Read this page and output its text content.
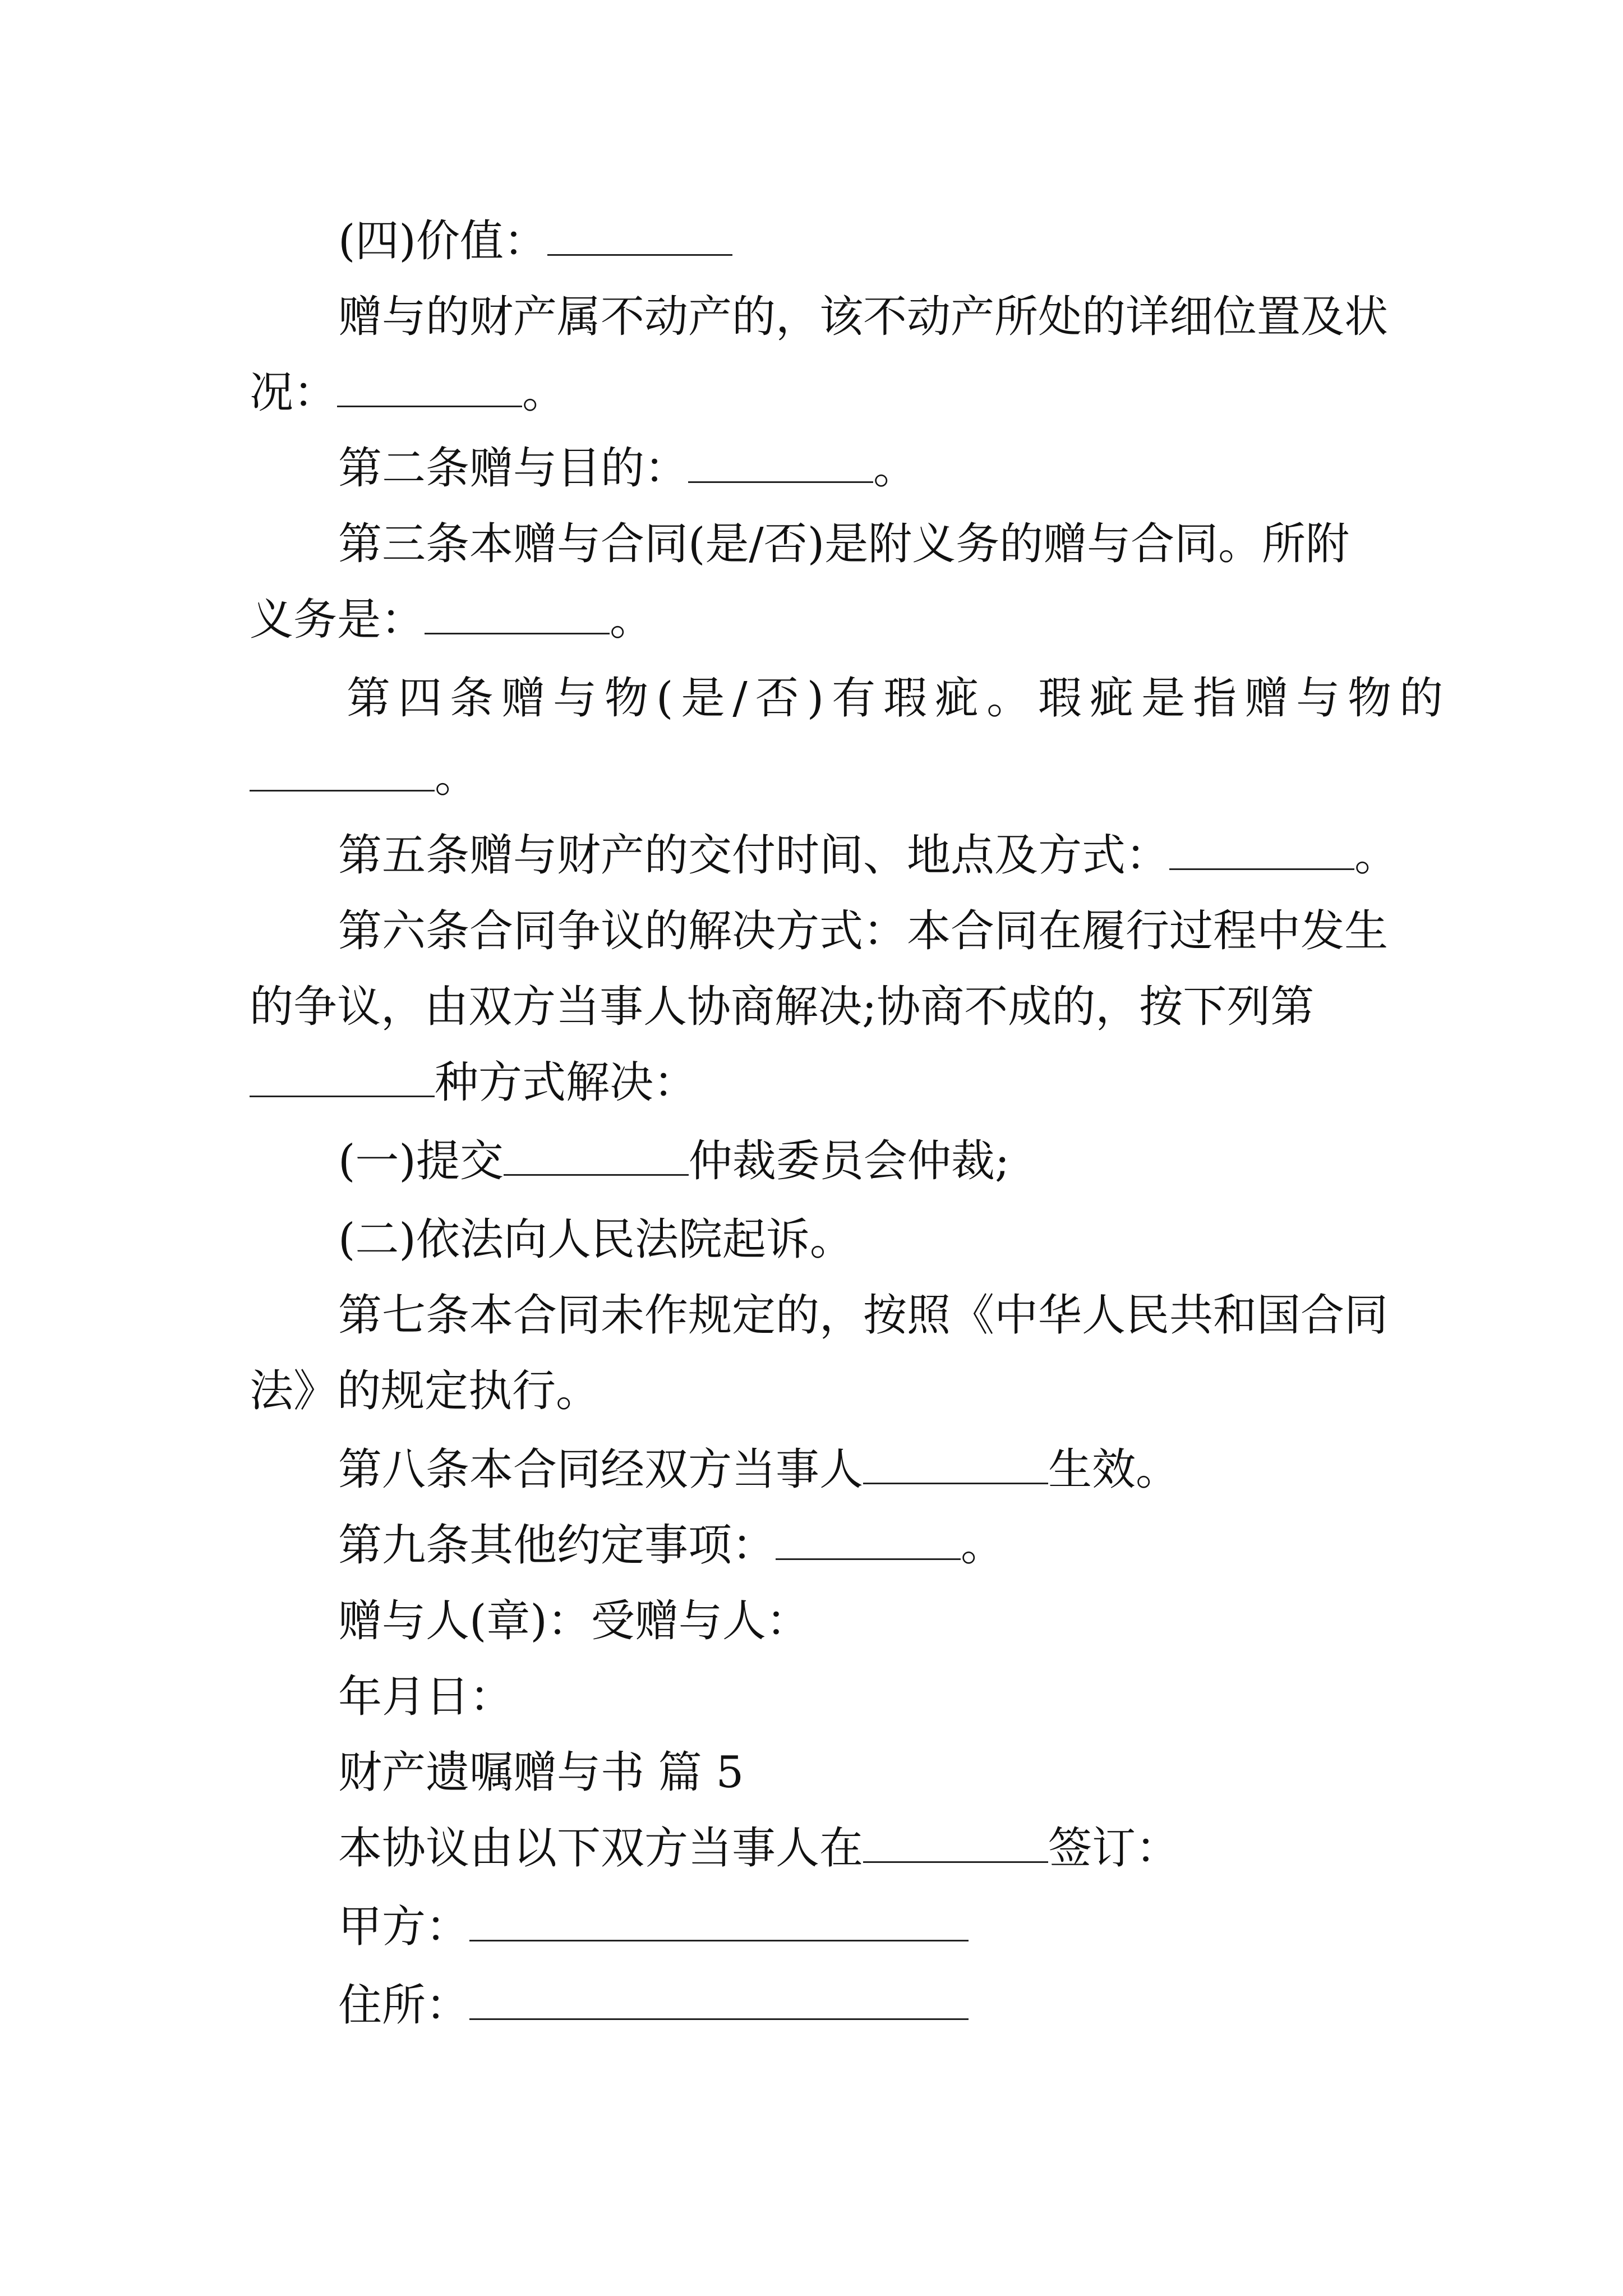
(四)价值：
赠与的财产属不动产的，该不动产所处的详细位置及状
况：	。
第二条赠与目的：	。
第三条本赠与合同(是/否)是附义务的赠与合同。所附
义务是：	。
第四条赠与物(是/否)有瑕疵。瑕疵是指赠与物的
。
第五条赠与财产的交付时间、地点及方式：	。
第六条合同争议的解决方式：本合同在履行过程中发生
的争议，由双方当事人协商解决;协商不成的，按下列第
种方式解决：
(一)提交	仲裁委员会仲裁;
(二)依法向人民法院起诉。
第七条本合同未作规定的，按照《中华人民共和国合同
法》的规定执行。
第八条本合同经双方当事人	生效。
第九条其他约定事项：	。
赠与人(章)：受赠与人：
年月日：
财产遗嘱赠与书 篇 5
本协议由以下双方当事人在	签订：
甲方：
住所：
